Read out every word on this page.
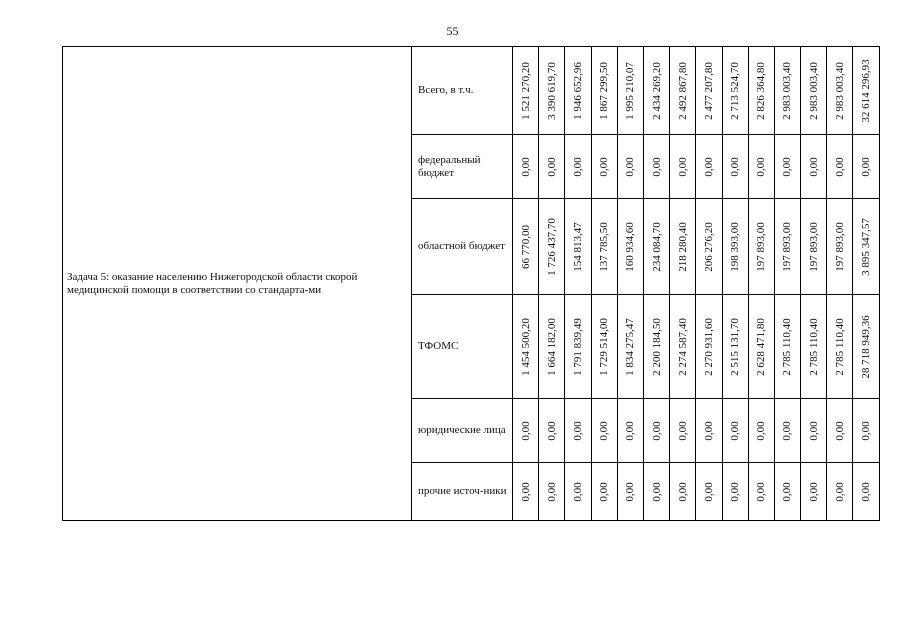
55
Задача 5: оказание населению Нижегородской области скорой медицинской помощи в соответствии со стандарта-ми	Всего, в т.ч.	1 521 270,20	3 390 619,70	1 946 652,96	1 867 299,50	1 995 210,07	2 434 269,20	2 492 867,80	2 477 207,80	2 713 524,70	2 826 364,80	2 983 003,40	2 983 003,40	2 983 003,40	32 614 296,93

	федеральный бюджет	0,00	0,00	0,00	0,00	0,00	0,00	0,00	0,00	0,00	0,00	0,00	0,00	0,00	0,00

	областной бюджет	66 770,00	1 726 437,70	154 813,47	137 785,50	160 934,60	234 084,70	218 280,40	206 276,20	198 393,00	197 893,00	197 893,00	197 893,00	197 893,00	3 895 347,57

	ТФОМС	1 454 500,20	1 664 182,00	1 791 839,49	1 729 514,00	1 834 275,47	2 200 184,50	2 274 587,40	2 270 931,60	2 515 131,70	2 628 471,80	2 785 110,40	2 785 110,40	2 785 110,40	28 718 949,36

	юридические лица	0,00	0,00	0,00	0,00	0,00	0,00	0,00	0,00	0,00	0,00	0,00	0,00	0,00	0,00

	прочие источ-ники	0,00	0,00	0,00	0,00	0,00	0,00	0,00	0,00	0,00	0,00	0,00	0,00	0,00	0,00
